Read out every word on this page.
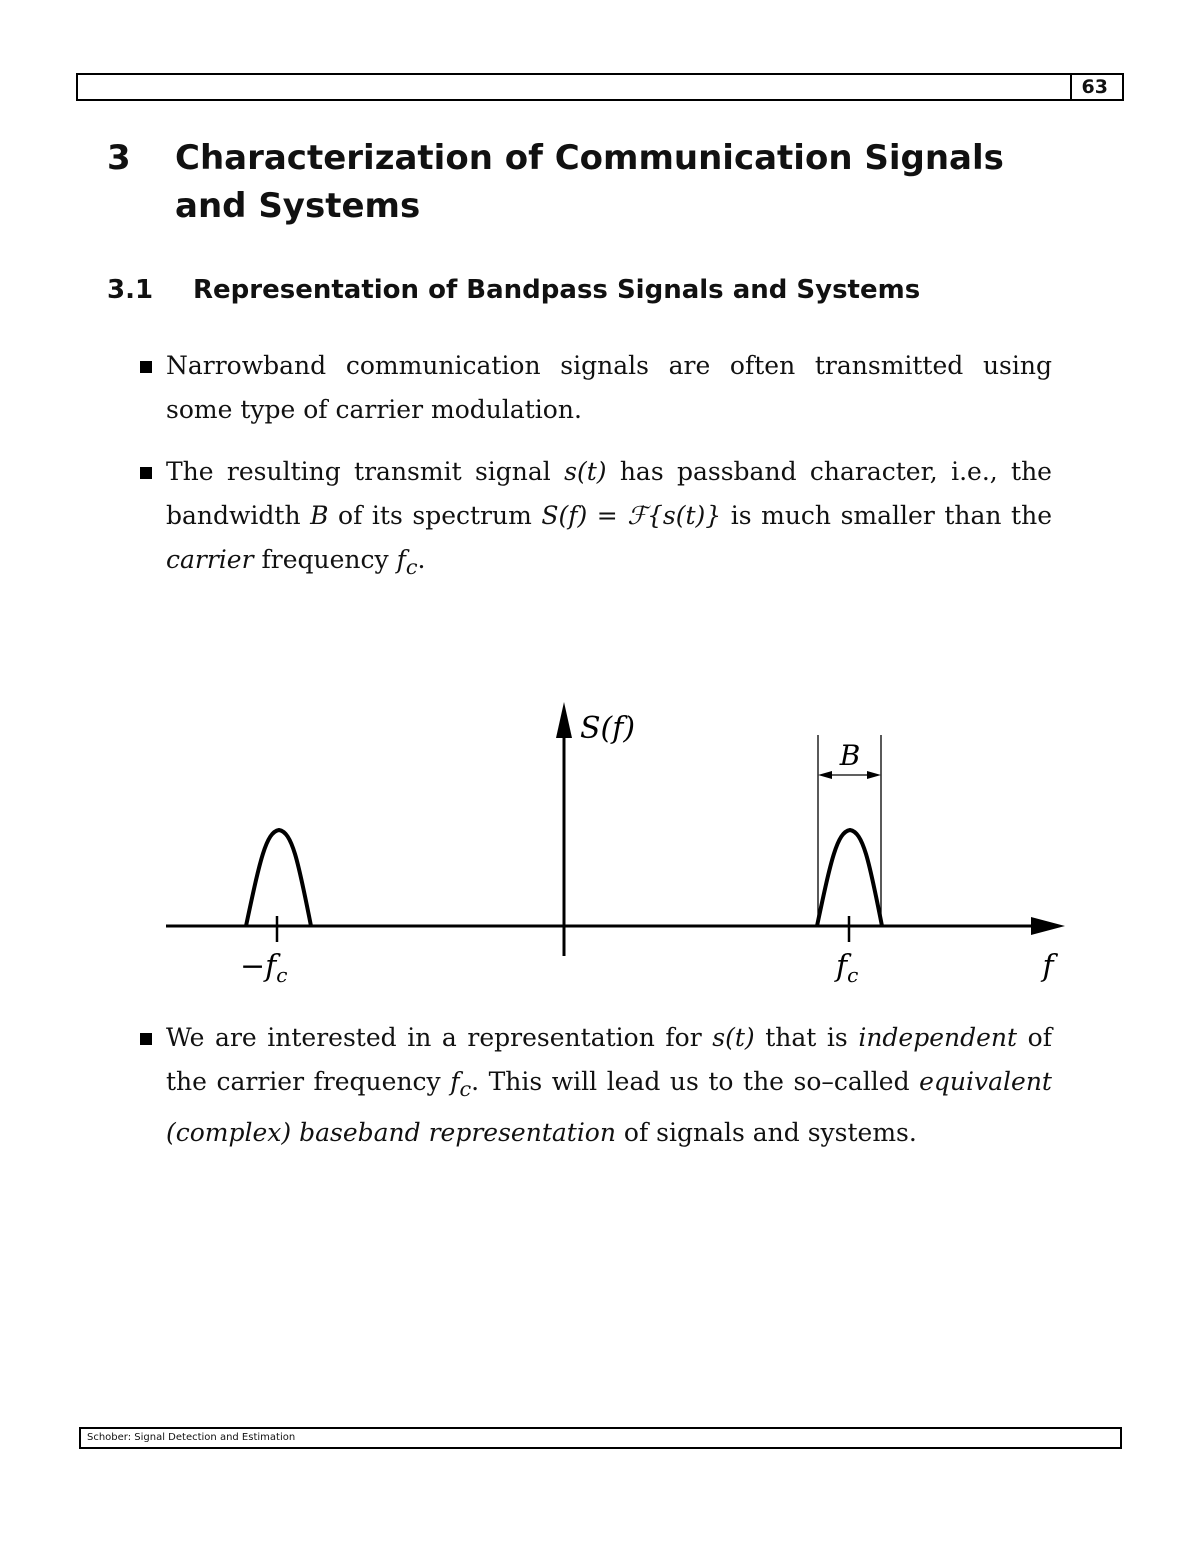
63
3 Characterization of Communication Signals and Systems
3.1 Representation of Bandpass Signals and Systems
Narrowband communication signals are often transmitted using some type of carrier modulation.
The resulting transmit signal s(t) has passband character, i.e., the bandwidth B of its spectrum S(f) = ℱ{s(t)} is much smaller than the carrier frequency $f_c$.
S(f)
B
f
$-f_c$	$f_c$
We are interested in a representation for s(t) that is independent of the carrier frequency $f_c$. This will lead us to the so–called equivalent (complex) baseband representation of signals and systems.
Schober: Signal Detection and Estimation
